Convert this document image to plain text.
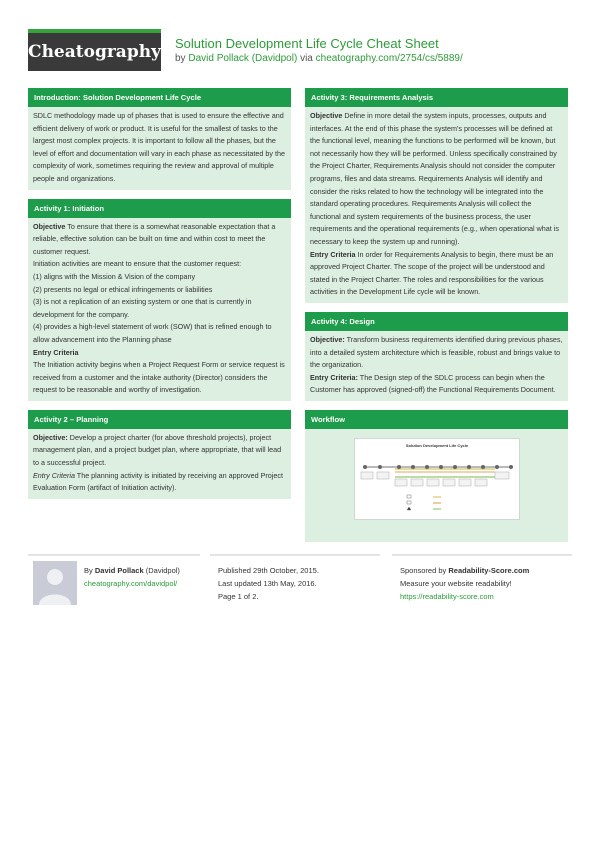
Cheatography Solution Development Life Cycle Cheat Sheet
by David Pollack (Davidpol) via cheatography.com/2754/cs/5889/
Introduction: Solution Development Life Cycle

SDLC methodology made up of phases that is used to ensure the effective and efficient delivery of work or product. It is useful for the smallest of tasks to the largest most complex projects. It is important to follow all the phases, but the level of effort and documentation will vary in each phase as necessitated by the complexity of work, sometimes requiring the review and approval of multiple people and organizations.

Activity 1: Initiation

Objective To ensure that there is a somewhat reasonable expectation that a reliable, effective solution can be built on time and within cost to meet the customer request.

Initiation activities are meant to ensure that the customer request:

(1) aligns with the Mission & Vision of the company

(2) presents no legal or ethical infringements or liabilities

(3) is not a replication of an existing system or one that is currently in development for the company.

(4) provides a high-level statement of work (SOW) that is refined enough to allow advancement into the Planning phase

Entry Criteria

The Initiation activity begins when a Project Request Form or service request is received from a customer and the intake authority (Director) considers the request to be reasonable and worthy of investigation.

Activity 2 – Planning

Objective: Develop a project charter (for above threshold projects), project management plan, and a project budget plan, where appropriate, that will lead to a successful project.

Entry Criteria The planning activity is initiated by receiving an approved Project Evaluation Form (artifact of Initiation activity).

Activity 3: Requirements Analysis

Objective Define in more detail the system inputs, processes, outputs and interfaces. At the end of this phase the system's processes will be defined at the functional level, meaning the functions to be performed will be known, but not necessarily how they will be performed. Unless specifically constrained by the Project Charter, Requirements Analysis should not consider the computer programs, files and data streams. Requirements Analysis will identify and consider the risks related to how the technology will be integrated into the standard operating procedures. Requirements Analysis will collect the functional and system requirements of the business process, the user requirements and the operational requirements (e.g., when operational what is necessary to keep the system up and running).

Entry Criteria In order for Requirements Analysis to begin, there must be an approved Project Charter. The scope of the project will be understood and stated in the Project Charter. The roles and responsibilities for the various activities in the Development Life cycle will be known.

Activity 4: Design

Objective: Transform business requirements identified during previous phases, into a detailed system architecture which is feasible, robust and brings value to the organization.

Entry Criteria: The Design step of the SDLC process can begin when the Customer has approved (signed-off) the Functional Requirements Document.

Workflow
Solution Development Life Cycle
By David Pollack (Davidpol)
cheatography.com/davidpol/
Published 29th October, 2015.
Last updated 13th May, 2016.
Page 1 of 2.
Sponsored by Readability-Score.com
Measure your website readability!
https://readability-score.com
